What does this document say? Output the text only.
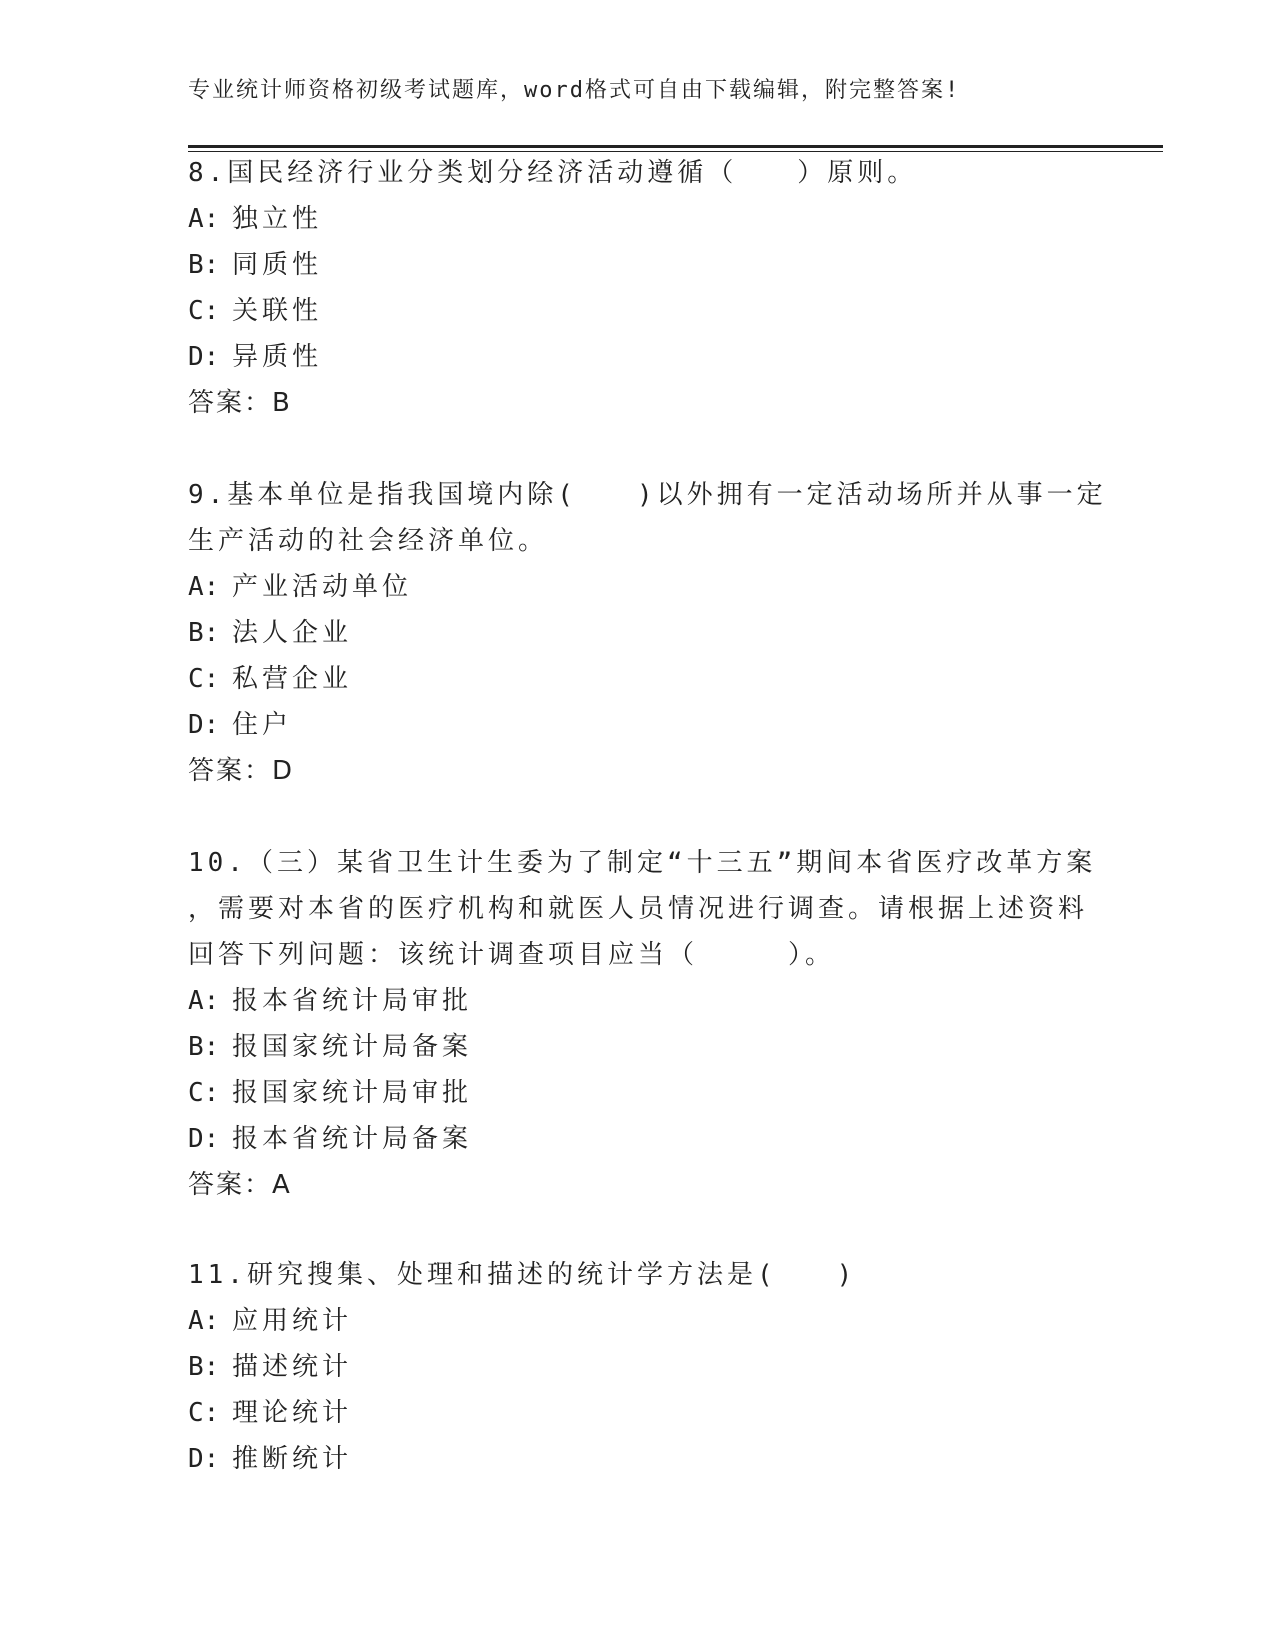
专业统计师资格初级考试题库，word格式可自由下载编辑，附完整答案!

8.国民经济行业分类划分经济活动遵循（　　）原则。

A: 独立性

B: 同质性

C: 关联性

D: 异质性

答案：B

9.基本单位是指我国境内除(　　)以外拥有一定活动场所并从事一定

生产活动的社会经济单位。

A: 产业活动单位

B: 法人企业

C: 私营企业

D: 住户

答案：D

10.（三）某省卫生计生委为了制定“十三五”期间本省医疗改革方案

，需要对本省的医疗机构和就医人员情况进行调查。请根据上述资料

回答下列问题：该统计调查项目应当（　　　）。

A: 报本省统计局审批

B: 报国家统计局备案

C: 报国家统计局审批

D: 报本省统计局备案

答案：A

11.研究搜集、处理和描述的统计学方法是(　　)

A: 应用统计

B: 描述统计

C: 理论统计

D: 推断统计
